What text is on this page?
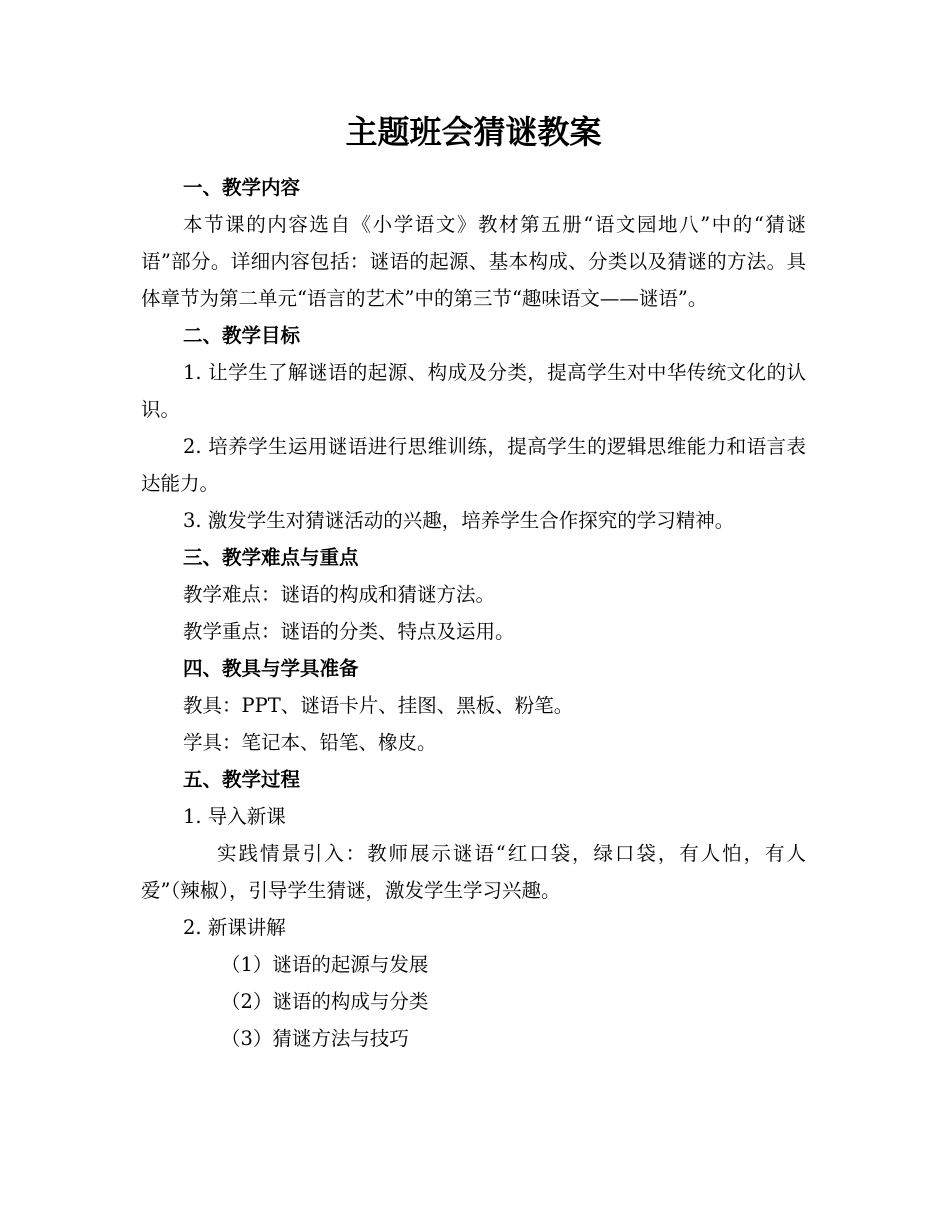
主题班会猜谜教案

一、教学内容

本节课的内容选自《小学语文》教材第五册“语文园地八”中的“猜谜语”部分。详细内容包括：谜语的起源、基本构成、分类以及猜谜的方法。具体章节为第二单元“语言的艺术”中的第三节“趣味语文——谜语”。

二、教学目标

1. 让学生了解谜语的起源、构成及分类，提高学生对中华传统文化的认识。

2. 培养学生运用谜语进行思维训练，提高学生的逻辑思维能力和语言表达能力。

3. 激发学生对猜谜活动的兴趣，培养学生合作探究的学习精神。

三、教学难点与重点

教学难点：谜语的构成和猜谜方法。

教学重点：谜语的分类、特点及运用。

四、教具与学具准备

教具：PPT、谜语卡片、挂图、黑板、粉笔。

学具：笔记本、铅笔、橡皮。

五、教学过程

1. 导入新课

实践情景引入：教师展示谜语“红口袋，绿口袋，有人怕，有人爱”（辣椒），引导学生猜谜，激发学生学习兴趣。

2. 新课讲解

（1）谜语的起源与发展

（2）谜语的构成与分类

（3）猜谜方法与技巧
